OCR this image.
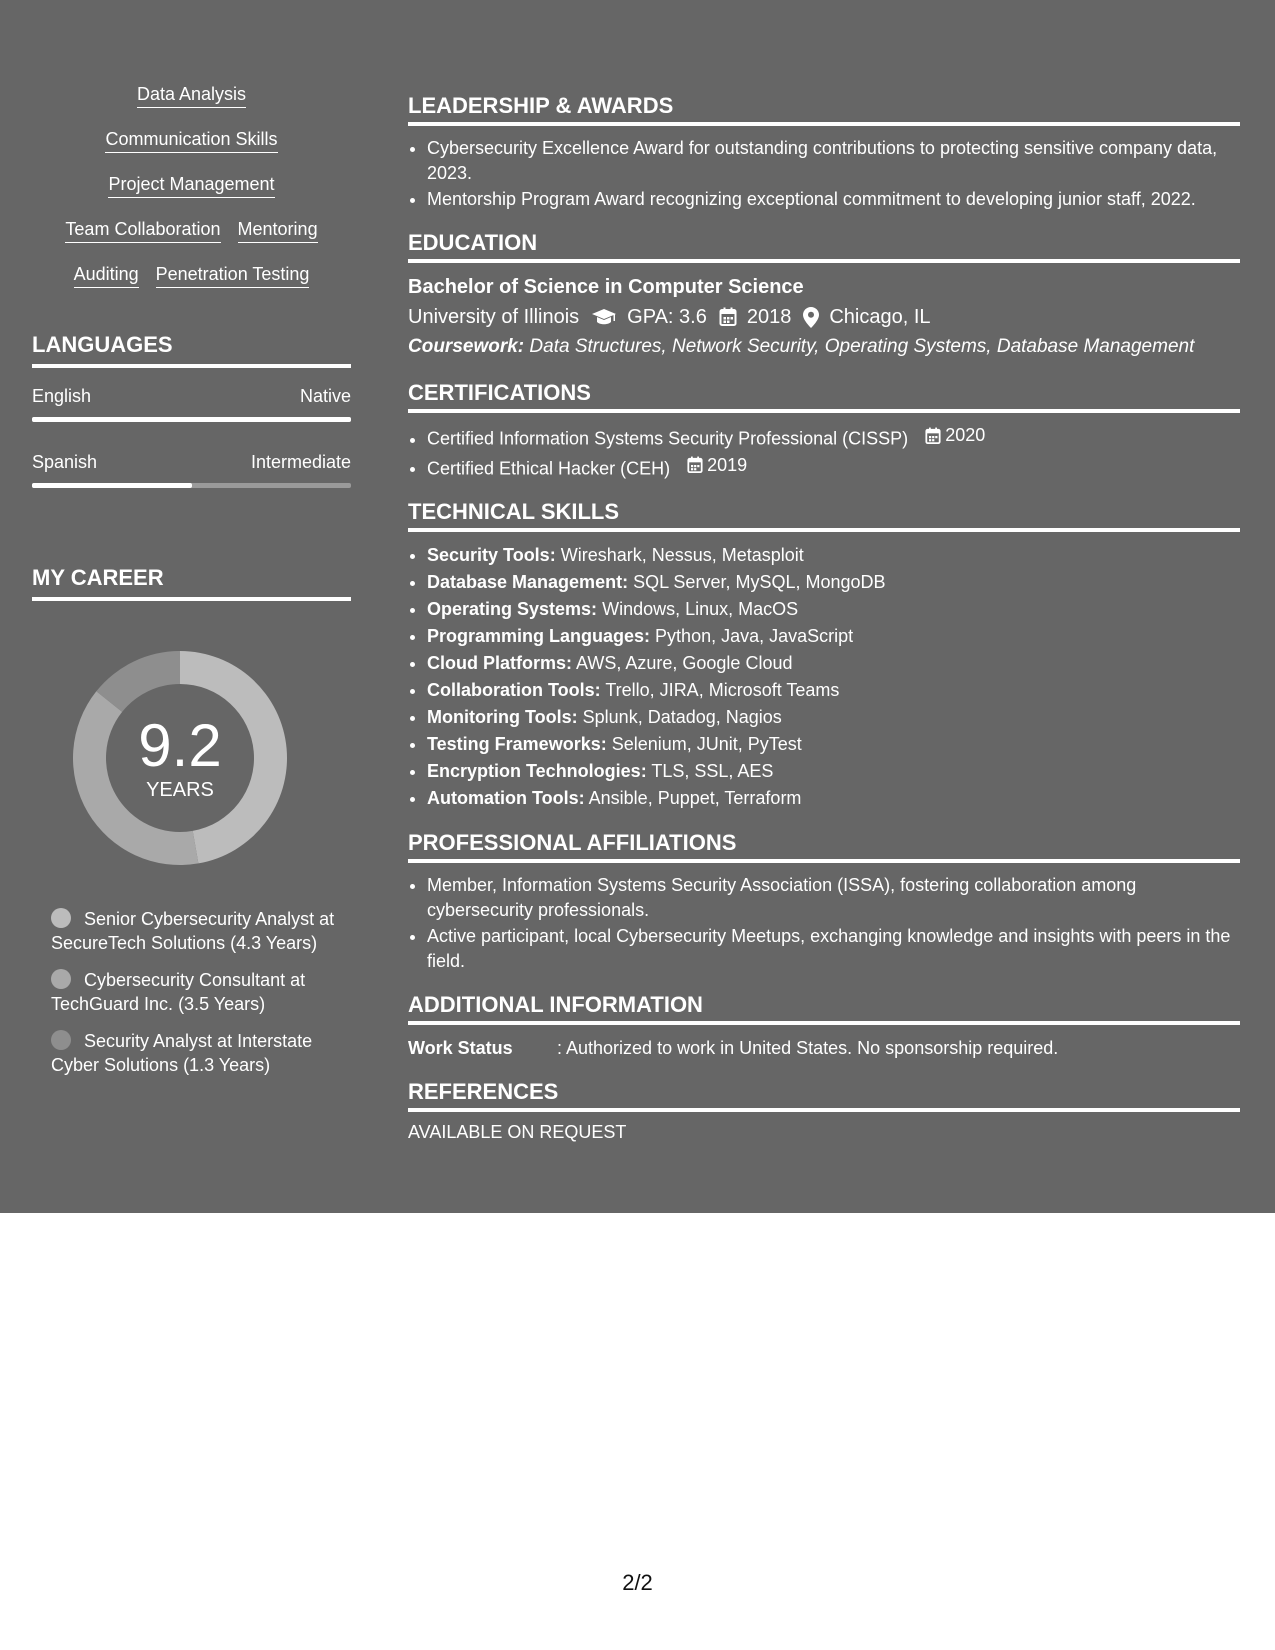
Data Analysis
Communication Skills
Project Management
Team Collaboration Mentoring
Auditing Penetration Testing
LANGUAGES
English	Native
Spanish	Intermediate
MY CAREER
9.2
YEARS
Senior Cybersecurity Analyst at SecureTech Solutions (4.3 Years)
Cybersecurity Consultant at TechGuard Inc. (3.5 Years)
Security Analyst at Interstate Cyber Solutions (1.3 Years)
LEADERSHIP & AWARDS
• Cybersecurity Excellence Award for outstanding contributions to protecting sensitive company data, 2023.
• Mentorship Program Award recognizing exceptional commitment to developing junior staff, 2022.
EDUCATION
Bachelor of Science in Computer Science
University of Illinois GPA: 3.6 2018 Chicago, IL
Coursework: Data Structures, Network Security, Operating Systems, Database Management
CERTIFICATIONS
• Certified Information Systems Security Professional (CISSP) 2020
• Certified Ethical Hacker (CEH) 2019
TECHNICAL SKILLS
• Security Tools: Wireshark, Nessus, Metasploit
• Database Management: SQL Server, MySQL, MongoDB
• Operating Systems: Windows, Linux, MacOS
• Programming Languages: Python, Java, JavaScript
• Cloud Platforms: AWS, Azure, Google Cloud
• Collaboration Tools: Trello, JIRA, Microsoft Teams
• Monitoring Tools: Splunk, Datadog, Nagios
• Testing Frameworks: Selenium, JUnit, PyTest
• Encryption Technologies: TLS, SSL, AES
• Automation Tools: Ansible, Puppet, Terraform
PROFESSIONAL AFFILIATIONS
• Member, Information Systems Security Association (ISSA), fostering collaboration among cybersecurity professionals.
• Active participant, local Cybersecurity Meetups, exchanging knowledge and insights with peers in the field.
ADDITIONAL INFORMATION
Work Status	: Authorized to work in United States. No sponsorship required.
REFERENCES
AVAILABLE ON REQUEST
2/2
